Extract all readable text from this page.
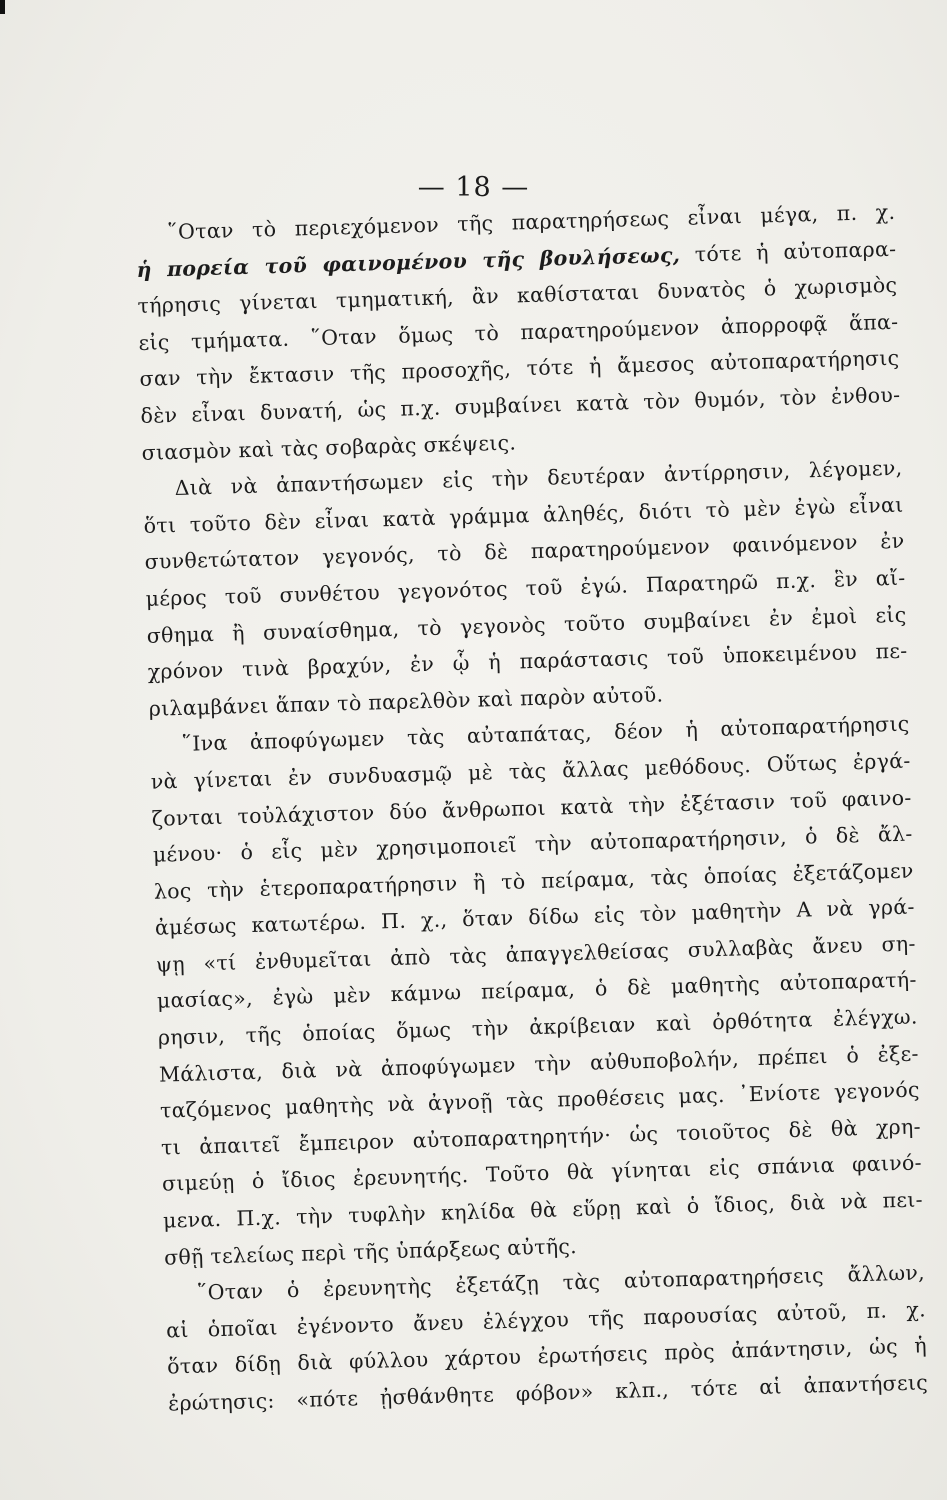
— 18 —
῞Οταν τὸ περιεχόμενον τῆς παρατηρήσεως εἶναι μέγα, π. χ.
ἡ πορεία τοῦ φαινομένου τῆς βουλήσεως, τότε ἡ αὐτοπαρα-
τήρησις γίνεται τμηματική, ἂν καθίσταται δυνατὸς ὁ χωρισμὸς
εἰς τμήματα. ῞Οταν ὅμως τὸ παρατηρούμενον ἀπορροφᾷ ἅπα-
σαν τὴν ἔκτασιν τῆς προσοχῆς, τότε ἡ ἄμεσος αὐτοπαρατήρησις
δὲν εἶναι δυνατή, ὡς π.χ. συμβαίνει κατὰ τὸν θυμόν, τὸν ἐνθου-
σιασμὸν καὶ τὰς σοβαρὰς σκέψεις.
Διὰ νὰ ἀπαντήσωμεν εἰς τὴν δευτέραν ἀντίρρησιν, λέγομεν,
ὅτι τοῦτο δὲν εἶναι κατὰ γράμμα ἀληθές, διότι τὸ μὲν ἐγὼ εἶναι
συνθετώτατον γεγονός, τὸ δὲ παρατηρούμενον φαινόμενον ἐν
μέρος τοῦ συνθέτου γεγονότος τοῦ ἐγώ. Παρατηρῶ π.χ. ἓν αἴ-
σθημα ἢ συναίσθημα, τὸ γεγονὸς τοῦτο συμβαίνει ἐν ἐμοὶ εἰς
χρόνον τινὰ βραχύν, ἐν ᾧ ἡ παράστασις τοῦ ὑποκειμένου πε-
ριλαμβάνει ἅπαν τὸ παρελθὸν καὶ παρὸν αὐτοῦ.
῞Ινα ἀποφύγωμεν τὰς αὐταπάτας, δέον ἡ αὐτοπαρατήρησις
νὰ γίνεται ἐν συνδυασμῷ μὲ τὰς ἄλλας μεθόδους. Οὕτως ἐργά-
ζονται τοὐλάχιστον δύο ἄνθρωποι κατὰ τὴν ἐξέτασιν τοῦ φαινο-
μένου· ὁ εἷς μὲν χρησιμοποιεῖ τὴν αὐτοπαρατήρησιν, ὁ δὲ ἄλ-
λος τὴν ἑτεροπαρατήρησιν ἢ τὸ πείραμα, τὰς ὁποίας ἐξετάζομεν
ἀμέσως κατωτέρω. Π. χ., ὅταν δίδω εἰς τὸν μαθητὴν Α νὰ γρά-
ψῃ «τί ἐνθυμεῖται ἀπὸ τὰς ἀπαγγελθείσας συλλαβὰς ἄνευ ση-
μασίας», ἐγὼ μὲν κάμνω πείραμα, ὁ δὲ μαθητὴς αὐτοπαρατή-
ρησιν, τῆς ὁποίας ὅμως τὴν ἀκρίβειαν καὶ ὀρθότητα ἐλέγχω.
Μάλιστα, διὰ νὰ ἀποφύγωμεν τὴν αὐθυποβολήν, πρέπει ὁ ἐξε-
ταζόμενος μαθητὴς νὰ ἀγνοῇ τὰς προθέσεις μας. ᾿Ενίοτε γεγονός
τι ἀπαιτεῖ ἔμπειρον αὐτοπαρατηρητήν· ὡς τοιοῦτος δὲ θὰ χρη-
σιμεύῃ ὁ ἴδιος ἐρευνητής. Τοῦτο θὰ γίνηται εἰς σπάνια φαινό-
μενα. Π.χ. τὴν τυφλὴν κηλίδα θὰ εὕρῃ καὶ ὁ ἴδιος, διὰ νὰ πει-
σθῇ τελείως περὶ τῆς ὑπάρξεως αὐτῆς.
῞Οταν ὁ ἐρευνητὴς ἐξετάζῃ τὰς αὐτοπαρατηρήσεις ἄλλων,
αἱ ὁποῖαι ἐγένοντο ἄνευ ἐλέγχου τῆς παρουσίας αὐτοῦ, π. χ.
ὅταν δίδῃ διὰ φύλλου χάρτου ἐρωτήσεις πρὸς ἀπάντησιν, ὡς ἡ
ἐρώτησις: «πότε ᾐσθάνθητε φόβον» κλπ., τότε αἱ ἀπαντήσεις
